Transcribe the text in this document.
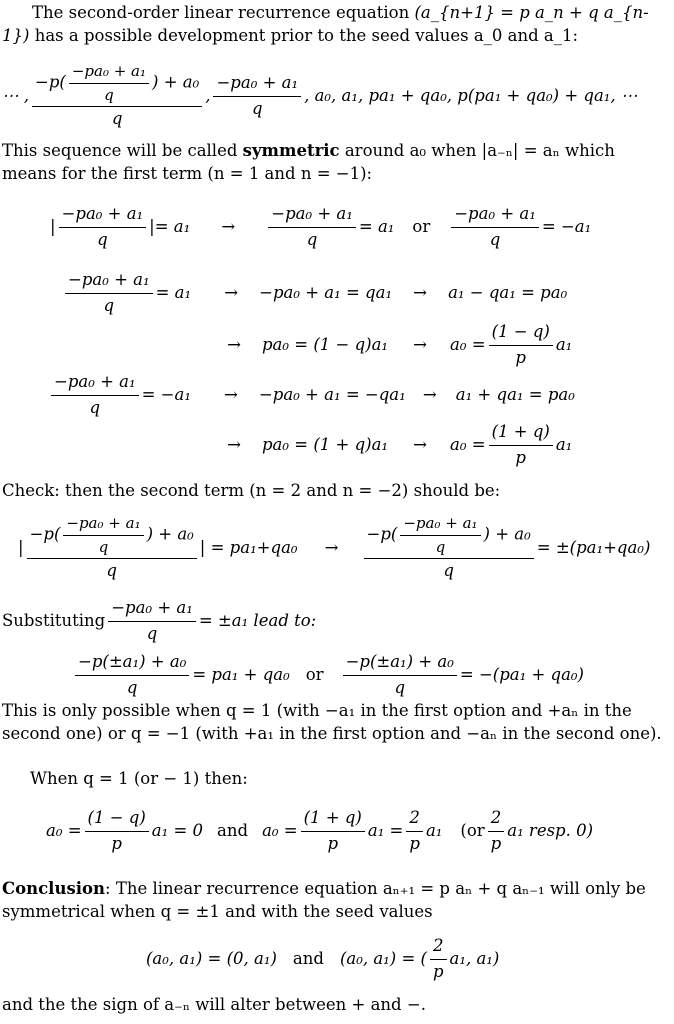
The second-order linear recurrence equation (a_{n+1} = p a_n + q a_{n-1}) has a possible development prior to the seed values a_0 and a_1:
⋯ , $\frac{-p( \frac{\text{−pa₀ + a₁}}{q} ) + a_0}{q}$ , $\frac{\text{−pa₀ + a₁}}{q}$ , a₀, a₁, pa₁ + qa₀, p(pa₁ + qa₀) + qa₁, ⋯
This sequence will be called symmetric around a₀ when |a₋ₙ| = aₙ which means for the first term (n = 1 and n = −1):
| $\frac{\text{−pa₀ + a₁}}{q}$ | = a₁	→	$\frac{\text{−pa₀ + a₁}}{q} = a_1$ or $\frac{\text{−pa₀ + a₁}}{q} = -a_1$
$\frac{\text{−pa₀ + a₁}}{q} = a_1$	→	−pa₀ + a₁ = qa₁	→	a₁ − qa₁ = pa₀
→	pa₀ = (1 − q)a₁	→	$a_0 = \frac{(1 - q)}{p} a_1$
$\frac{\text{−pa₀ + a₁}}{q} = -a_1$	→	−pa₀ + a₁ = −qa₁	→	a₁ + qa₁ = pa₀
→	pa₀ = (1 + q)a₁	→	$a_0 = \frac{(1 + q)}{p} a_1$
Check: then the second term (n = 2 and n = −2) should be:
| $\frac{-p( \frac{\text{−pa₀ + a₁}}{q} ) + a_0}{q}$ | = pa₁+qa₀	→	$\frac{-p( \frac{\text{−pa₀ + a₁}}{q} ) + a_0}{q} = \pm(pa_1+qa_0)$
Substituting $\frac{\text{−pa₀ + a₁}}{q} = \pm a_1$ lead to:
$\frac{\text{−p(±a₁) + a₀}}{q} = pa_1 + qa_0$ or $\frac{\text{−p(±a₁) + a₀}}{q} = -(pa_1 + qa_0)$
This is only possible when q = 1 (with −a₁ in the first option and +aₙ in the second one) or q = −1 (with +a₁ in the first option and −aₙ in the second one).
When q = 1 (or − 1) then:
$a_0 = \frac{(1 - q)}{p} a_1 = 0$ and $a_0 = \frac{(1 + q)}{p} a_1 = \frac{2}{p} a_1$ ($or \frac{2}{p} a_1$ resp. 0)
Conclusion: The linear recurrence equation aₙ₊₁ = p aₙ + q aₙ₋₁ will only be symmetrical when q = ±1 and with the seed values
(a₀, a₁) = (0, a₁) and (a₀, a₁) = ( $\frac{2}{p} a_1$, a₁)
and the the sign of a₋ₙ will alter between + and −.
